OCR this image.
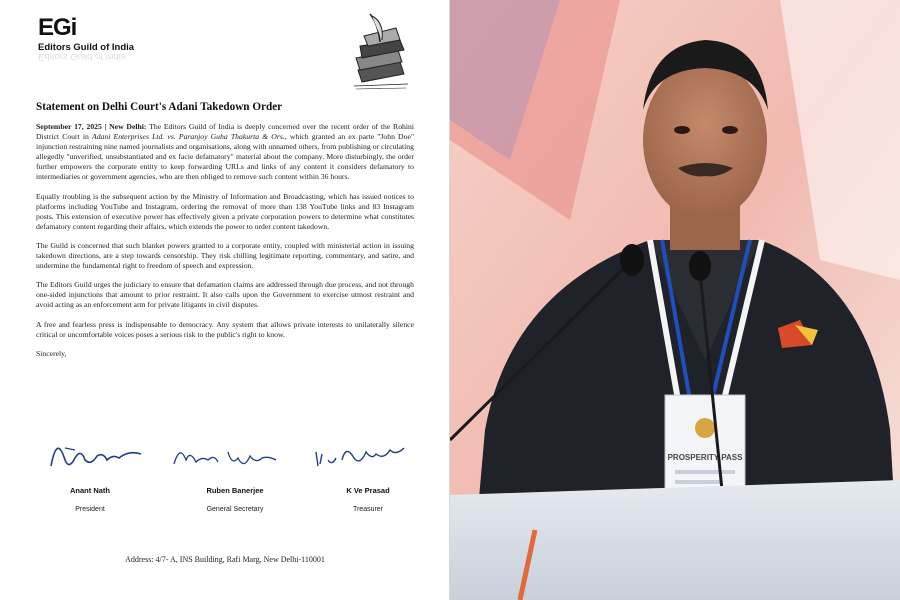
EGi
Editors Guild of India
Editors Guild of India
Statement on Delhi Court's Adani Takedown Order

September 17, 2025 | New Delhi: The Editors Guild of India is deeply concerned over the recent order of the Rohini District Court in Adani Enterprises Ltd. vs. Paranjoy Guha Thakurta & Ors., which granted an ex parte "John Doe" injunction restraining nine named journalists and organisations, along with unnamed others, from publishing or circulating allegedly "unverified, unsubstantiated and ex facie defamatory" material about the company. More disturbingly, the order further empowers the corporate entity to keep forwarding URLs and links of any content it considers defamatory to intermediaries or government agencies, who are then obliged to remove such content within 36 hours.

Equally troubling is the subsequent action by the Ministry of Information and Broadcasting, which has issued notices to platforms including YouTube and Instagram, ordering the removal of more than 138 YouTube links and 83 Instagram posts. This extension of executive power has effectively given a private corporation powers to determine what constitutes defamatory content regarding their affairs, which extends the power to order content takedown.

The Guild is concerned that such blanket powers granted to a corporate entity, coupled with ministerial action in issuing takedown directions, are a step towards censorship. They risk chilling legitimate reporting, commentary, and satire, and undermine the fundamental right to freedom of speech and expression.

The Editors Guild urges the judiciary to ensure that defamation claims are addressed through due process, and not through one-sided injunctions that amount to prior restraint. It also calls upon the Government to exercise utmost restraint and avoid acting as an enforcement arm for private litigants in civil disputes.

A free and fearless press is indispensable to democracy. Any system that allows private interests to unilaterally silence critical or uncomfortable voices poses a serious risk to the public's right to know.

Sincerely,

Anant Nath
President
Ruben Banerjee
General Secretary
K Ve Prasad
Treasurer
Address: 4/7- A, INS Building, Rafi Marg, New Delhi-110001
PROSPERITY PASS
